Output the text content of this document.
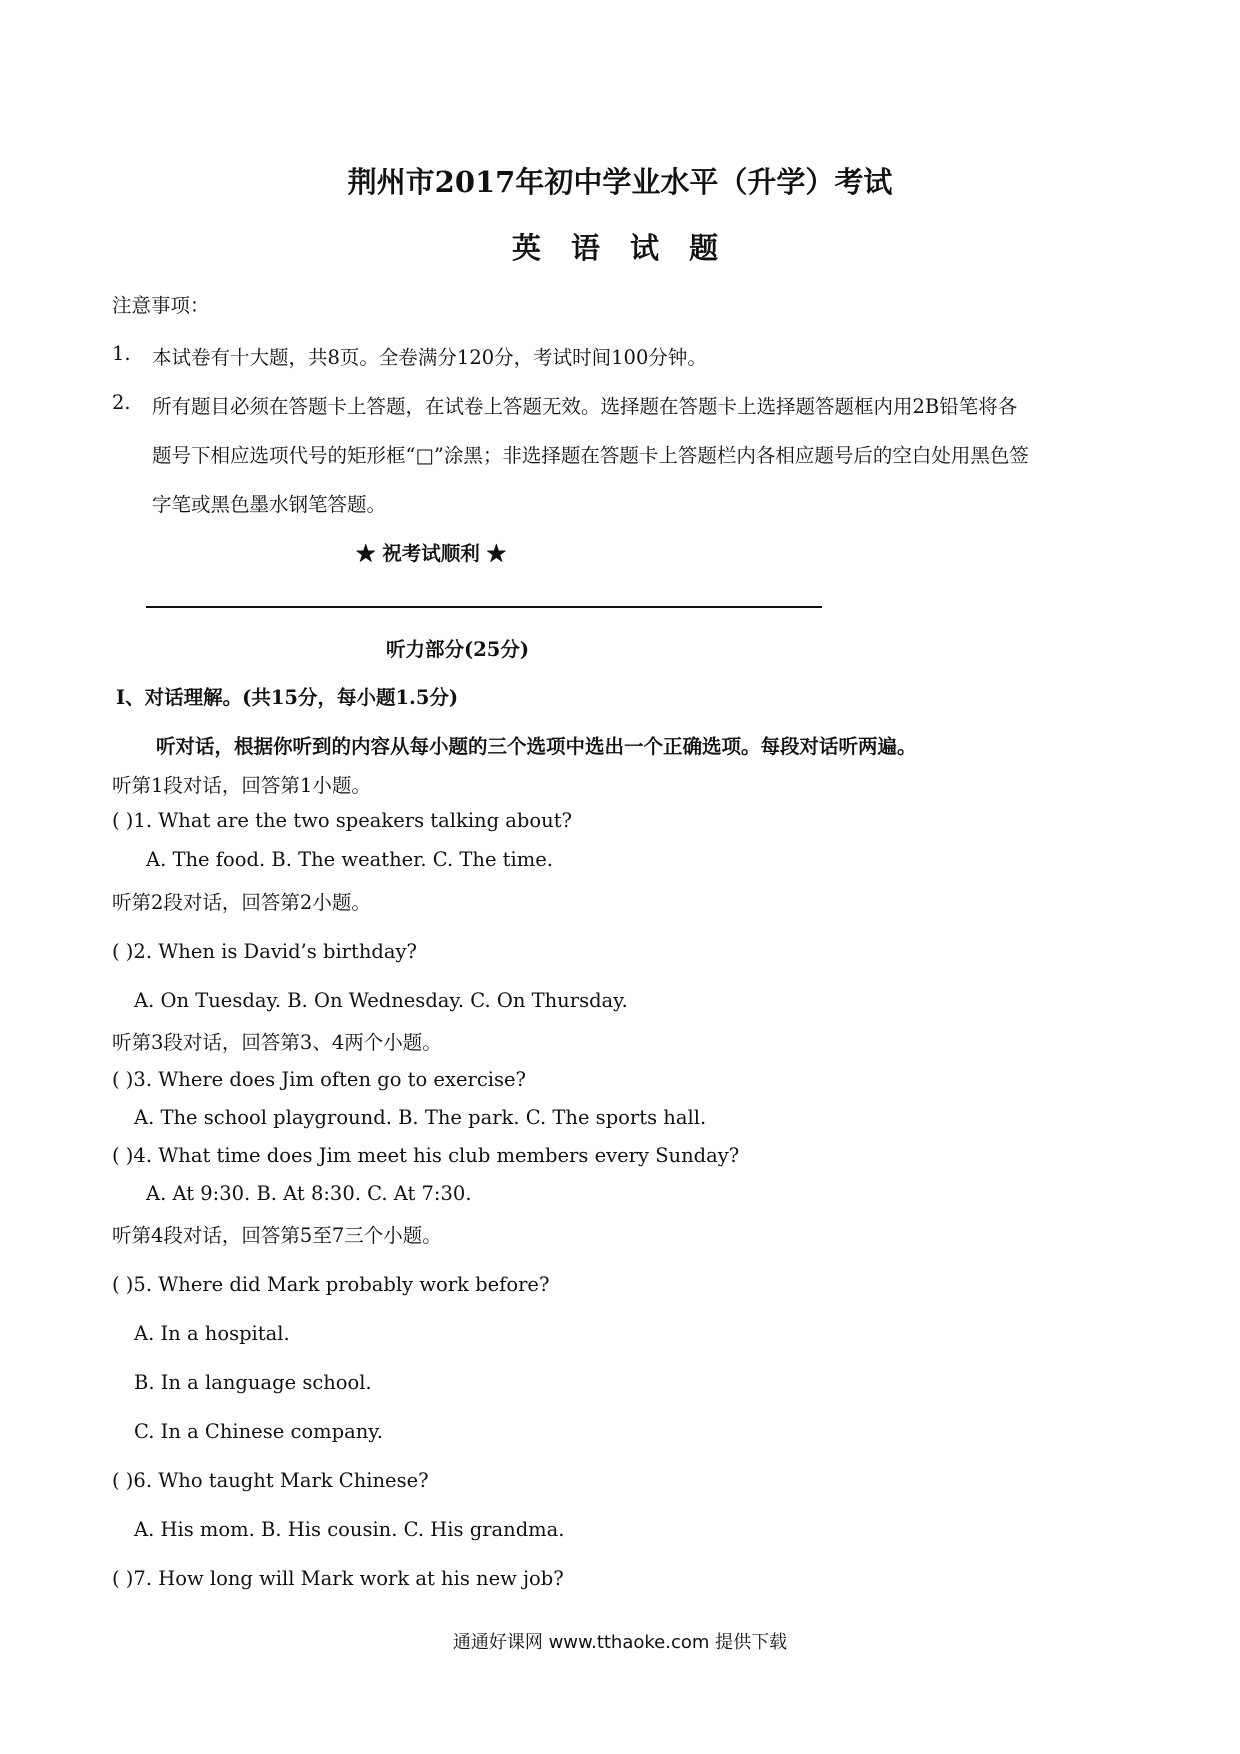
荆州市2017年初中学业水平（升学）考试
英 语 试 题
注意事项：
1. 本试卷有十大题，共8页。全卷满分120分，考试时间100分钟。
2. 所有题目必须在答题卡上答题，在试卷上答题无效。选择题在答题卡上选择题答题框内用2B铅笔将各
题号下相应选项代号的矩形框“□”涂黑；非选择题在答题卡上答题栏内各相应题号后的空白处用黑色签
字笔或黑色墨水钢笔答题。
★ 祝考试顺利 ★
听力部分(25分)
Ⅰ、对话理解。(共15分，每小题1.5分)
听对话，根据你听到的内容从每小题的三个选项中选出一个正确选项。每段对话听两遍。
听第1段对话，回答第1小题。
( )1. What are the two speakers talking about?
A. The food. B. The weather. C. The time.
听第2段对话，回答第2小题。
( )2. When is David’s birthday?
A. On Tuesday. B. On Wednesday. C. On Thursday.
听第3段对话，回答第3、4两个小题。
( )3. Where does Jim often go to exercise?
A. The school playground. B. The park. C. The sports hall.
( )4. What time does Jim meet his club members every Sunday?
A. At 9:30. B. At 8:30. C. At 7:30.
听第4段对话，回答第5至7三个小题。
( )5. Where did Mark probably work before?
A. In a hospital.
B. In a language school.
C. In a Chinese company.
( )6. Who taught Mark Chinese?
A. His mom. B. His cousin. C. His grandma.
( )7. How long will Mark work at his new job?
通通好课网 www.tthaoke.com 提供下载
